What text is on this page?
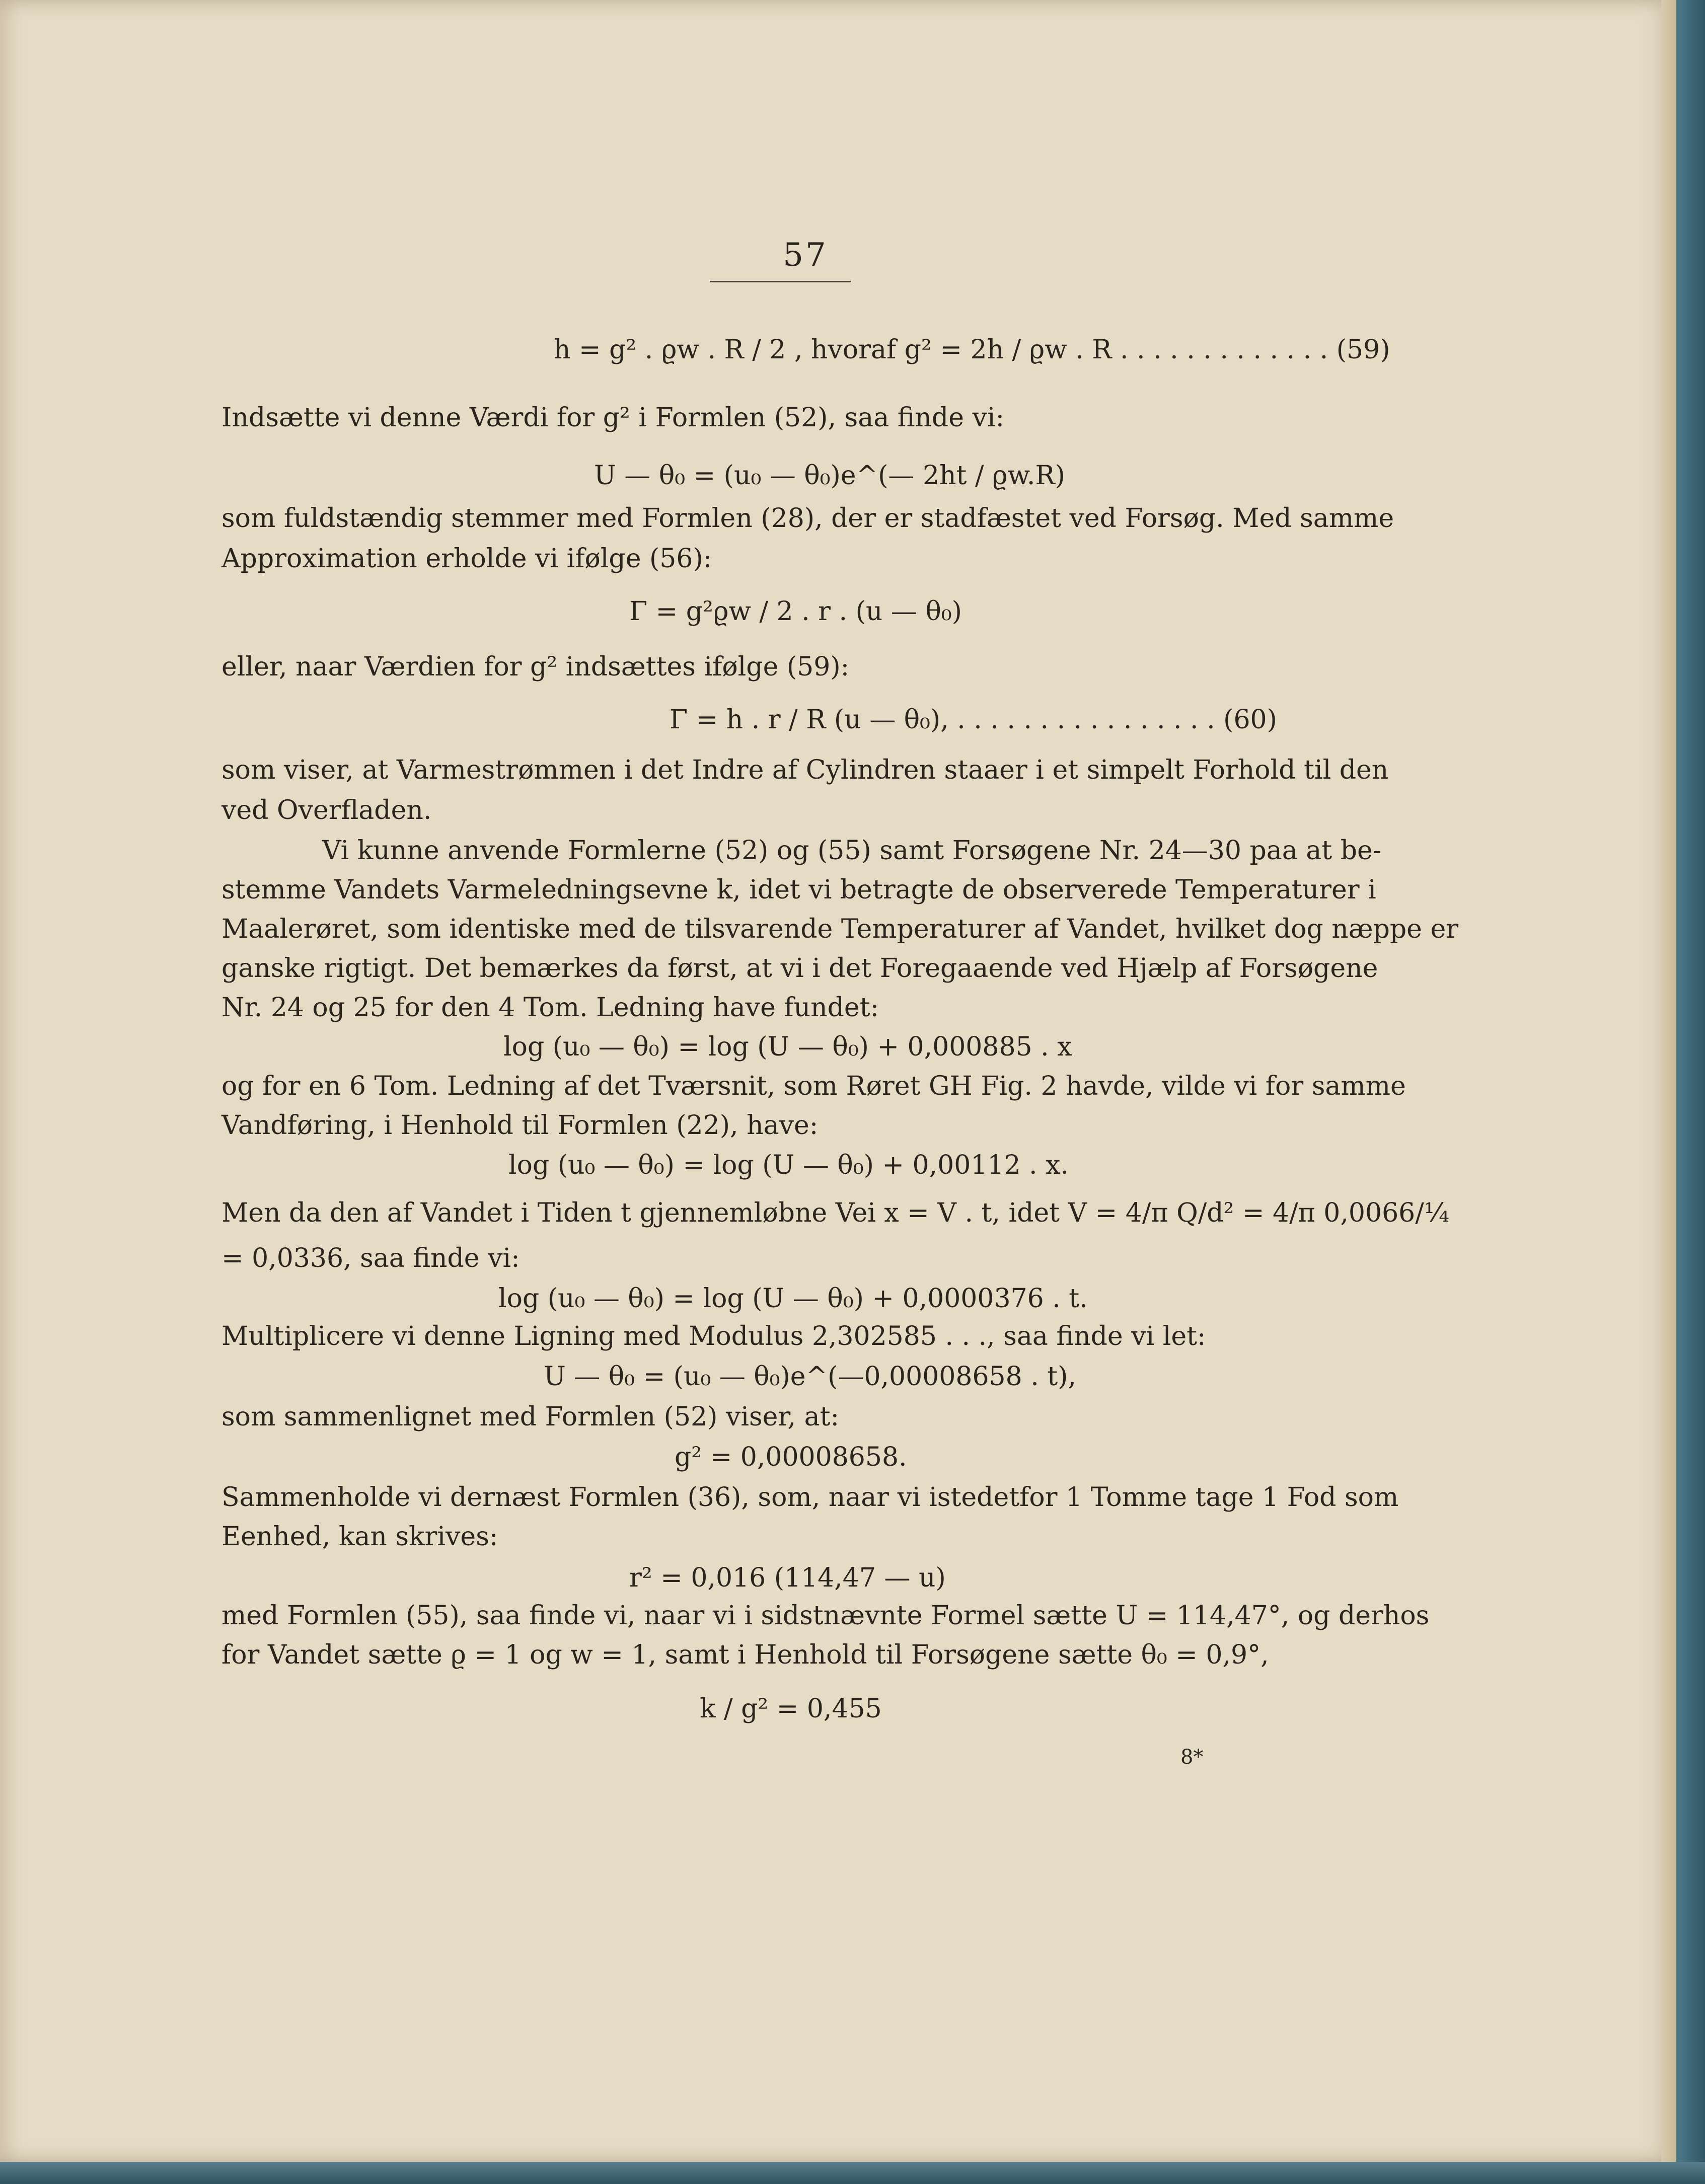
57
h = g² . ϱw . R / 2 , hvoraf g² = 2h / ϱw . R . . . . . . . . . . . . . (59)
Indsætte vi denne Værdi for g² i Formlen (52), saa finde vi:
U — θ₀ = (u₀ — θ₀)e^(— 2ht / ϱw.R)
som fuldstændig stemmer med Formlen (28), der er stadfæstet ved Forsøg. Med samme
Approximation erholde vi ifølge (56):
Γ = g²ϱw / 2 . r . (u — θ₀)
eller, naar Værdien for g² indsættes ifølge (59):
Γ = h . r / R (u — θ₀), . . . . . . . . . . . . . . . . (60)
som viser, at Varmestrømmen i det Indre af Cylindren staaer i et simpelt Forhold til den
ved Overfladen.
Vi kunne anvende Formlerne (52) og (55) samt Forsøgene Nr. 24—30 paa at be-
stemme Vandets Varmeledningsevne k, idet vi betragte de observerede Temperaturer i
Maalerøret, som identiske med de tilsvarende Temperaturer af Vandet, hvilket dog næppe er
ganske rigtigt. Det bemærkes da først, at vi i det Foregaaende ved Hjælp af Forsøgene
Nr. 24 og 25 for den 4 Tom. Ledning have fundet:
log (u₀ — θ₀) = log (U — θ₀) + 0,000885 . x
og for en 6 Tom. Ledning af det Tværsnit, som Røret GH Fig. 2 havde, vilde vi for samme
Vandføring, i Henhold til Formlen (22), have:
log (u₀ — θ₀) = log (U — θ₀) + 0,00112 . x.
Men da den af Vandet i Tiden t gjennemløbne Vei x = V . t, idet V = 4/π Q/d² = 4/π 0,0066/¼
= 0,0336, saa finde vi:
log (u₀ — θ₀) = log (U — θ₀) + 0,0000376 . t.
Multiplicere vi denne Ligning med Modulus 2,302585 . . ., saa finde vi let:
U — θ₀ = (u₀ — θ₀)e^(—0,00008658 . t),
som sammenlignet med Formlen (52) viser, at:
g² = 0,00008658.
Sammenholde vi dernæst Formlen (36), som, naar vi istedetfor 1 Tomme tage 1 Fod som
Eenhed, kan skrives:
r² = 0,016 (114,47 — u)
med Formlen (55), saa finde vi, naar vi i sidstnævnte Formel sætte U = 114,47°, og derhos
for Vandet sætte ϱ = 1 og w = 1, samt i Henhold til Forsøgene sætte θ₀ = 0,9°,
k / g² = 0,455
8*
